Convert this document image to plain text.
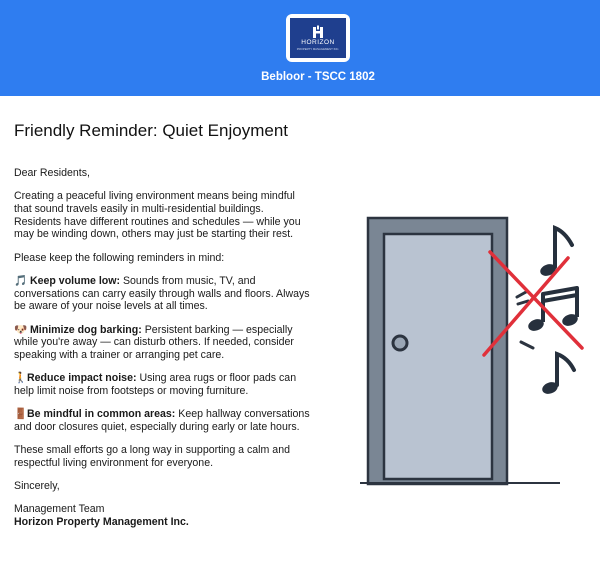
HORIZON
PROPERTY MANAGEMENT INC.
Bebloor - TSCC 1802
Friendly Reminder: Quiet Enjoyment

Dear Residents,

Creating a peaceful living environment means being mindful that sound travels easily in multi-residential buildings. Residents have different routines and schedules — while you may be winding down, others may just be starting their rest.

Please keep the following reminders in mind:

🎵 Keep volume low: Sounds from music, TV, and conversations can carry easily through walls and floors. Always be aware of your noise levels at all times.

🐶 Minimize dog barking: Persistent barking — especially while you're away — can disturb others. If needed, consider speaking with a trainer or arranging pet care.

🚶Reduce impact noise: Using area rugs or floor pads can help limit noise from footsteps or moving furniture.

🚪Be mindful in common areas: Keep hallway conversations and door closures quiet, especially during early or late hours.

These small efforts go a long way in supporting a calm and respectful living environment for everyone.

Sincerely,

Management Team
Horizon Property Management Inc.
